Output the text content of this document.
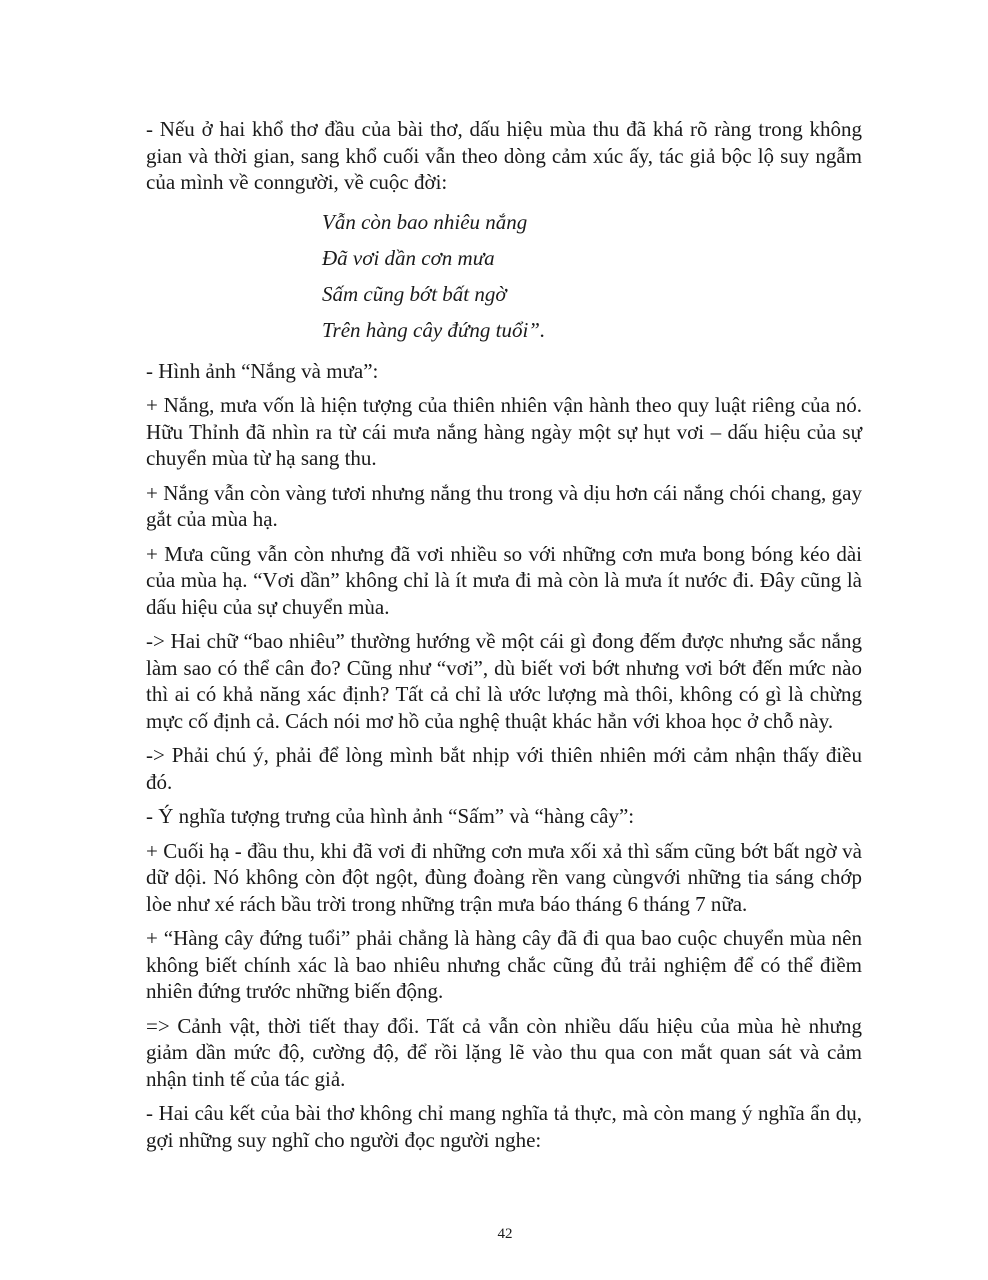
- Nếu ở hai khổ thơ đầu của bài thơ, dấu hiệu mùa thu đã khá rõ ràng trong không gian và thời gian, sang khổ cuối vẫn theo dòng cảm xúc ấy, tác giả bộc lộ suy ngẫm của mình về conngười, về cuộc đời:

Vẫn còn bao nhiêu nắng

Đã vơi dần cơn mưa

Sấm cũng bớt bất ngờ

Trên hàng cây đứng tuổi”.

- Hình ảnh “Nắng và mưa”:

+ Nắng, mưa vốn là hiện tượng của thiên nhiên vận hành theo quy luật riêng của nó. Hữu Thỉnh đã nhìn ra từ cái mưa nắng hàng ngày một sự hụt vơi – dấu hiệu của sự chuyển mùa từ hạ sang thu.

+ Nắng vẫn còn vàng tươi nhưng nắng thu trong và dịu hơn cái nắng chói chang, gay gắt của mùa hạ.

+ Mưa cũng vẫn còn nhưng đã vơi nhiều so với những cơn mưa bong bóng kéo dài của mùa hạ. “Vơi dần” không chỉ là ít mưa đi mà còn là mưa ít nước đi. Đây cũng là dấu hiệu của sự chuyển mùa.

-> Hai chữ “bao nhiêu” thường hướng về một cái gì đong đếm được nhưng sắc nắng làm sao có thể cân đo? Cũng như “vơi”, dù biết vơi bớt nhưng vơi bớt đến mức nào thì ai có khả năng xác định? Tất cả chỉ là ước lượng mà thôi, không có gì là chừng mực cố định cả. Cách nói mơ hồ của nghệ thuật khác hẳn với khoa học ở chỗ này.

-> Phải chú ý, phải để lòng mình bắt nhịp với thiên nhiên mới cảm nhận thấy điều đó.

- Ý nghĩa tượng trưng của hình ảnh “Sấm” và “hàng cây”:

+ Cuối hạ - đầu thu, khi đã vơi đi những cơn mưa xối xả thì sấm cũng bớt bất ngờ và dữ dội. Nó không còn đột ngột, đùng đoàng rền vang cùngvới những tia sáng chớp lòe như xé rách bầu trời trong những trận mưa báo tháng 6 tháng 7 nữa.

+ “Hàng cây đứng tuổi” phải chẳng là hàng cây đã đi qua bao cuộc chuyển mùa nên không biết chính xác là bao nhiêu nhưng chắc cũng đủ trải nghiệm để có thể điềm nhiên đứng trước những biến động.

=> Cảnh vật, thời tiết thay đổi. Tất cả vẫn còn nhiều dấu hiệu của mùa hè nhưng giảm dần mức độ, cường độ, để rồi lặng lẽ vào thu qua con mắt quan sát và cảm nhận tinh tế của tác giả.

- Hai câu kết của bài thơ không chỉ mang nghĩa tả thực, mà còn mang ý nghĩa ẩn dụ, gợi những suy nghĩ cho người đọc người nghe:

42
